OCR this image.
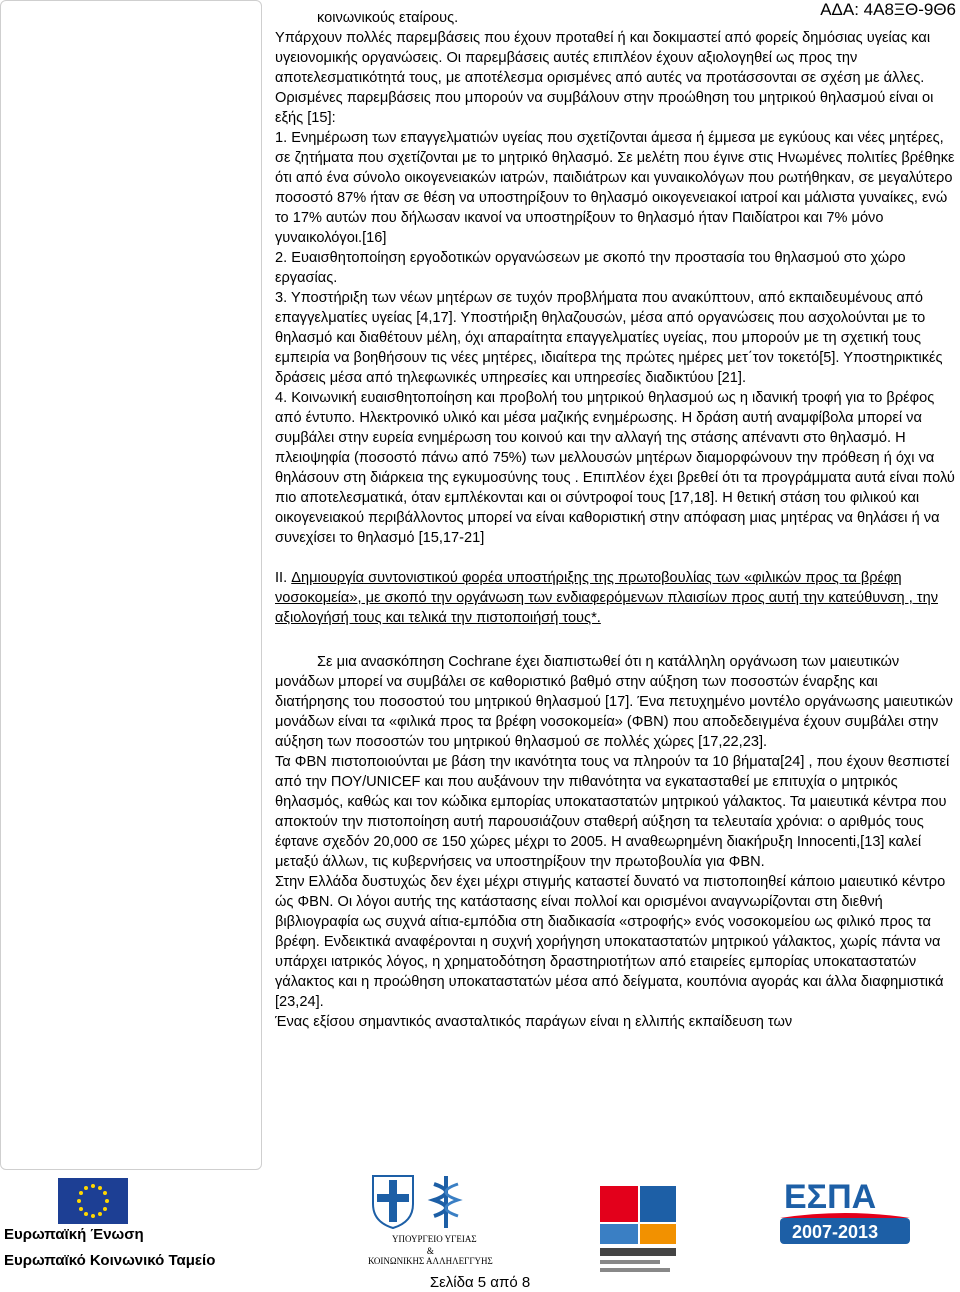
ΑΔΑ: 4Α8ΞΘ-9Θ6

κοινωνικούς εταίρους.

Υπάρχουν πολλές παρεμβάσεις που έχουν προταθεί ή και δοκιμαστεί από φορείς δημόσιας υγείας και υγειονομικής οργανώσεις. Οι παρεμβάσεις αυτές επιπλέον έχουν αξιολογηθεί ως προς την αποτελεσματικότητά τους, με αποτέλεσμα ορισμένες από αυτές να προτάσσονται σε σχέση με άλλες. Ορισμένες παρεμβάσεις που μπορούν να συμβάλουν στην προώθηση του μητρικού θηλασμού είναι οι εξής [15]:

1. Ενημέρωση των επαγγελματιών υγείας που σχετίζονται άμεσα ή έμμεσα με εγκύους και νέες μητέρες, σε ζητήματα που σχετίζονται με το μητρικό θηλασμό. Σε μελέτη που έγινε στις Ηνωμένες πολιτίες βρέθηκε ότι από ένα σύνολο οικογενειακών ιατρών, παιδιάτρων και γυναικολόγων που ρωτήθηκαν, σε μεγαλύτερο ποσοστό 87% ήταν σε θέση να υποστηρίξουν το θηλασμό οικογενειακοί ιατροί και μάλιστα γυναίκες, ενώ το 17% αυτών που δήλωσαν ικανοί να υποστηρίξουν το θηλασμό ήταν Παιδίατροι και 7% μόνο γυναικολόγοι.[16]

2. Ευαισθητοποίηση εργοδοτικών οργανώσεων με σκοπό την προστασία του θηλασμού στο χώρο εργασίας.

3. Υποστήριξη των νέων μητέρων σε τυχόν προβλήματα που ανακύπτουν, από εκπαιδευμένους από επαγγελματίες υγείας [4,17]. Υποστήριξη θηλαζουσών, μέσα από οργανώσεις που ασχολούνται με το θηλασμό και διαθέτουν μέλη, όχι απαραίτητα επαγγελματίες υγείας, που μπορούν με τη σχετική τους εμπειρία να βοηθήσουν τις νέες μητέρες, ιδιαίτερα της πρώτες ημέρες μετ΄τον τοκετό[5]. Υποστηρικτικές δράσεις μέσα από τηλεφωνικές υπηρεσίες και υπηρεσίες διαδικτύου [21].

4. Κοινωνική ευαισθητοποίηση και προβολή του μητρικού θηλασμού ως η ιδανική τροφή για το βρέφος από έντυπο. Ηλεκτρονικό υλικό και μέσα μαζικής ενημέρωσης. Η δράση αυτή αναμφίβολα μπορεί να συμβάλει στην ευρεία ενημέρωση του κοινού και την αλλαγή της στάσης απέναντι στο θηλασμό. Η πλειοψηφία (ποσοστό πάνω από 75%) των μελλουσών μητέρων διαμορφώνουν την πρόθεση ή όχι να θηλάσουν στη διάρκεια της εγκυμοσύνης τους . Επιπλέον έχει βρεθεί ότι τα προγράμματα αυτά είναι πολύ πιο αποτελεσματικά, όταν εμπλέκονται και οι σύντροφοί τους [17,18]. Η θετική στάση του φιλικού και οικογενειακού περιβάλλοντος μπορεί να είναι καθοριστική στην απόφαση μιας μητέρας να θηλάσει ή να συνεχίσει το θηλασμό [15,17-21]

II. Δημιουργία συντονιστικού φορέα υποστήριξης της πρωτοβουλίας των «φιλικών προς τα βρέφη νοσοκομεία», με σκοπό την οργάνωση των ενδιαφερόμενων πλαισίων προς αυτή την κατεύθυνση , την αξιολογήσή τους και τελικά την πιστοποιήσή τους*.

Σε μια ανασκόπηση Cochrane έχει διαπιστωθεί ότι η κατάλληλη οργάνωση των μαιευτικών μονάδων μπορεί να συμβάλει σε καθοριστικό βαθμό στην αύξηση των ποσοστών έναρξης και διατήρησης του ποσοστού του μητρικού θηλασμού [17]. Ένα πετυχημένο μοντέλο οργάνωσης μαιευτικών μονάδων είναι τα «φιλικά προς τα βρέφη νοσοκομεία» (ΦΒΝ) που αποδεδειγμένα έχουν συμβάλει στην αύξηση των ποσοστών του μητρικού θηλασμού σε πολλές χώρες [17,22,23].

Τα ΦΒΝ πιστοποιούνται με βάση την ικανότητα τους να πληρούν τα 10 βήματα[24] , που έχουν θεσπιστεί από την ΠΟΥ/UNICEF και που αυξάνουν την πιθανότητα να εγκατασταθεί με επιτυχία ο μητρικός θηλασμός, καθώς και τον κώδικα εμπορίας υποκαταστατών μητρικού γάλακτος. Τα μαιευτικά κέντρα που αποκτούν την πιστοποίηση αυτή παρουσιάζουν σταθερή αύξηση τα τελευταία χρόνια: ο αριθμός τους έφτανε σχεδόν 20,000 σε 150 χώρες μέχρι το 2005. Η αναθεωρημένη διακήρυξη Innocenti,[13] καλεί μεταξύ άλλων, τις κυβερνήσεις να υποστηρίξουν την πρωτοβουλία για ΦΒΝ.

Στην Ελλάδα δυστυχώς δεν έχει μέχρι στιγμής καταστεί δυνατό να πιστοποιηθεί κάποιο μαιευτικό κέντρο ώς ΦΒΝ. Οι λόγοι αυτής της κατάστασης είναι πολλοί και ορισμένοι αναγνωρίζονται στη διεθνή βιβλιογραφία ως συχνά αίτια-εμπόδια στη διαδικασία «στροφής» ενός νοσοκομείου ως φιλικό προς τα βρέφη. Ενδεικτικά αναφέρονται η συχνή χορήγηση υποκαταστατών μητρικού γάλακτος, χωρίς πάντα να υπάρχει ιατρικός λόγος, η χρηματοδότηση δραστηριοτήτων από εταιρείες εμπορίας υποκαταστατών γάλακτος και η προώθηση υποκαταστατών μέσα από δείγματα, κουπόνια αγοράς και άλλα διαφημιστικά [23,24].

Ένας εξίσου σημαντικός ανασταλτικός παράγων είναι η ελλιπής εκπαίδευση των

Ευρωπαϊκή Ένωση
Ευρωπαϊκό Κοινωνικό Ταμείο
ΥΠΟΥΡΓΕΙΟ ΥΓΕΙΑΣ
&
ΚΟΙΝΩΝΙΚΗΣ ΑΛΛΗΛΕΓΓΥΗΣ
ΕΣΠΑ
2007-2013
Σελίδα 5 από 8
